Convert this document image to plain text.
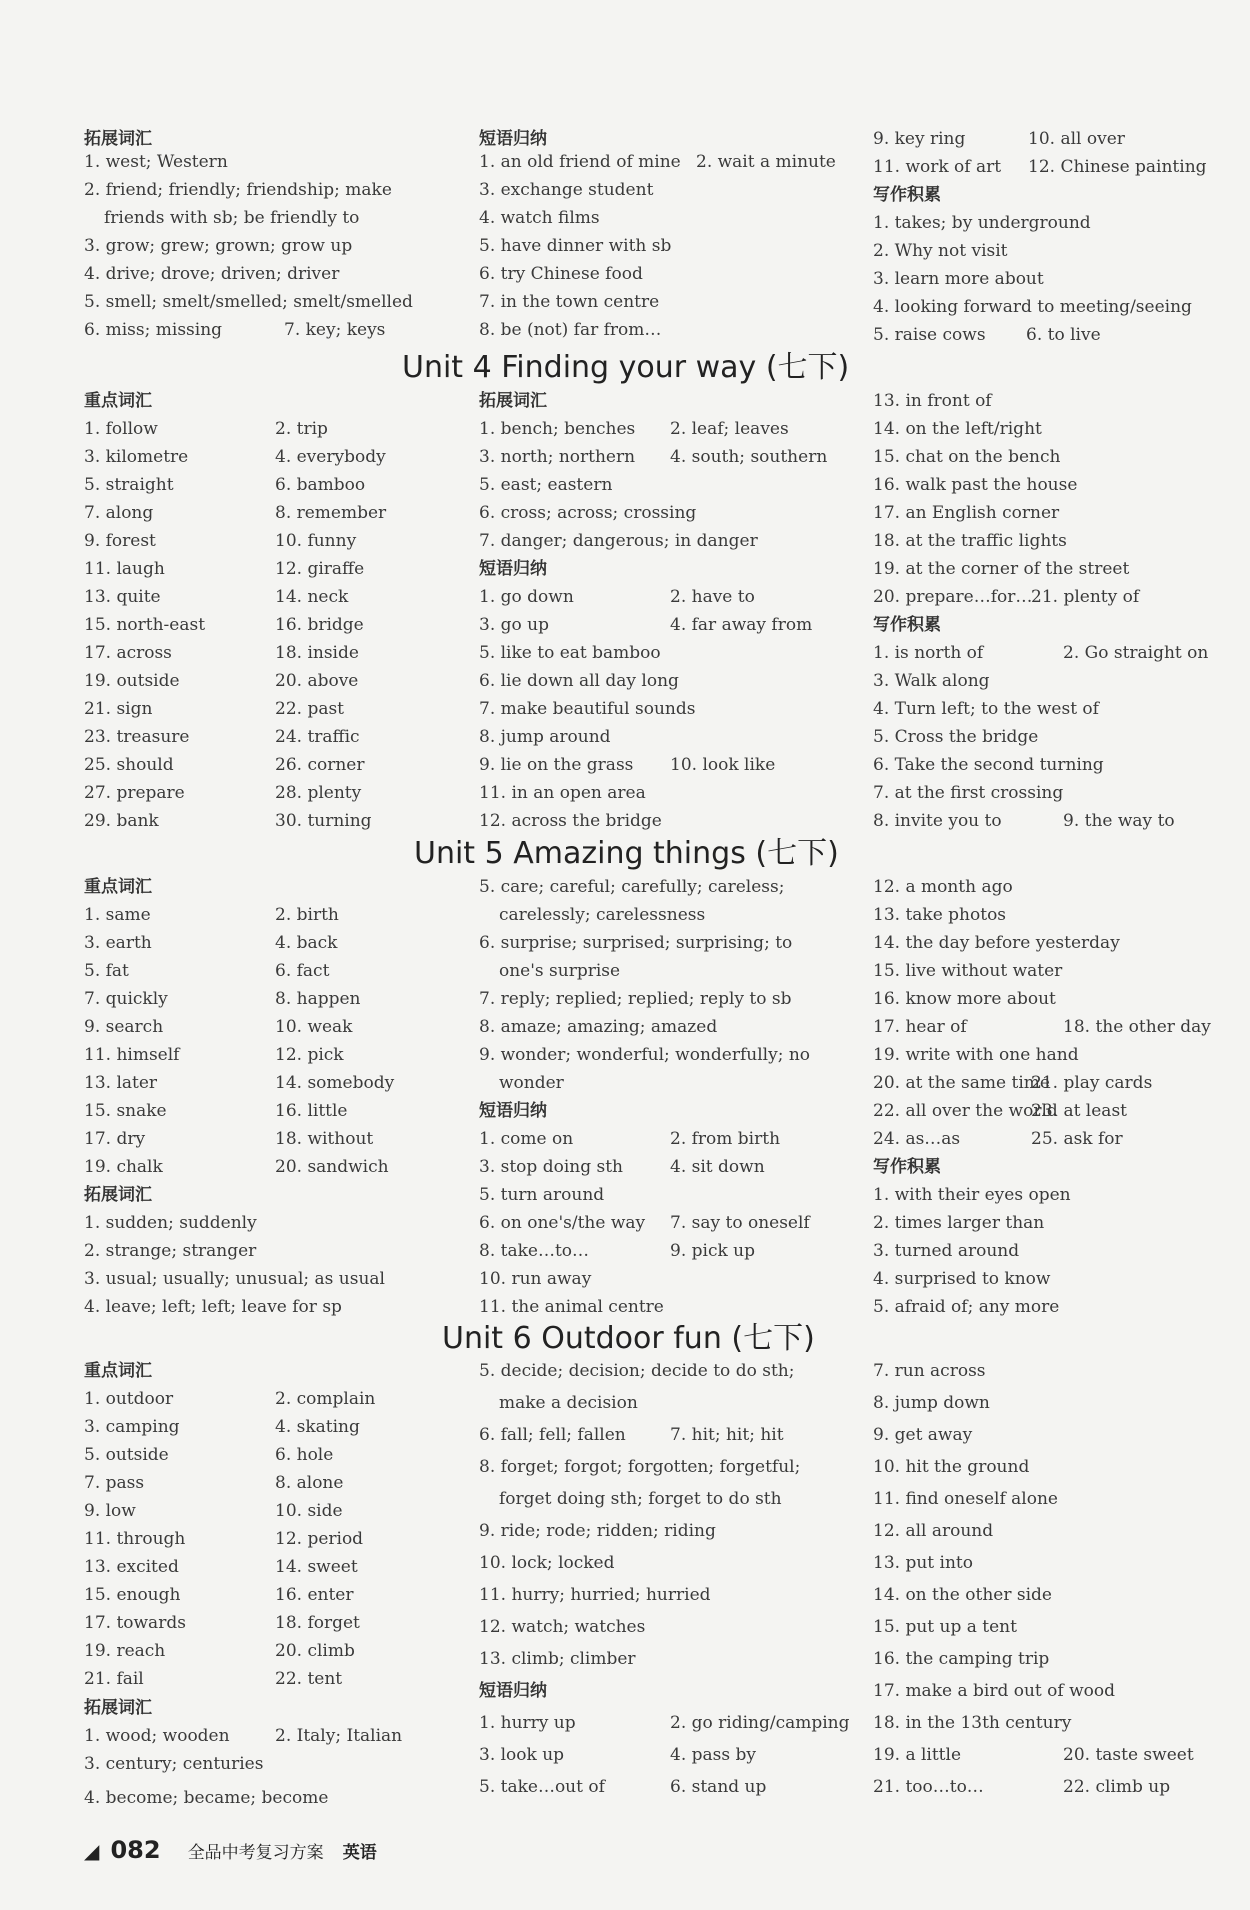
拓展词汇
1. west; Western
2. friend; friendly; friendship; make
friends with sb; be friendly to
3. grow; grew; grown; grow up
4. drive; drove; driven; driver
5. smell; smelt/smelled; smelt/smelled
6. miss; missing	7. key; keys
短语归纳
1. an old friend of mine 2. wait a minute
3. exchange student
4. watch films
5. have dinner with sb
6. try Chinese food
7. in the town centre
8. be (not) far from…
9. key ring	10. all over
11. work of art 12. Chinese painting
写作积累
1. takes; by underground
2. Why not visit
3. learn more about
4. looking forward to meeting/seeing
5. raise cows 6. to live
Unit 4 Finding your way (七下)
重点词汇
1. follow	2. trip
3. kilometre	4. everybody
5. straight	6. bamboo
7. along	8. remember
9. forest	10. funny
11. laugh	12. giraffe
13. quite	14. neck
15. north-east	16. bridge
17. across	18. inside
19. outside	20. above
21. sign	22. past
23. treasure	24. traffic
25. should	26. corner
27. prepare	28. plenty
29. bank	30. turning
拓展词汇
1. bench; benches 2. leaf; leaves
3. north; northern 4. south; southern
5. east; eastern
6. cross; across; crossing
7. danger; dangerous; in danger
短语归纳
1. go down	2. have to
3. go up	4. far away from
5. like to eat bamboo
6. lie down all day long
7. make beautiful sounds
8. jump around
9. lie on the grass 10. look like
11. in an open area
12. across the bridge
13. in front of
14. on the left/right
15. chat on the bench
16. walk past the house
17. an English corner
18. at the traffic lights
19. at the corner of the street
20. prepare…for…
21. plenty of
写作积累
1. is north of	2. Go straight on
3. Walk along
4. Turn left; to the west of
5. Cross the bridge
6. Take the second turning
7. at the first crossing
8. invite you to	9. the way to
Unit 5 Amazing things (七下)
重点词汇
1. same	2. birth
3. earth	4. back
5. fat	6. fact
7. quickly	8. happen
9. search	10. weak
11. himself	12. pick
13. later	14. somebody
15. snake	16. little
17. dry	18. without
19. chalk	20. sandwich
拓展词汇
1. sudden; suddenly
2. strange; stranger
3. usual; usually; unusual; as usual
4. leave; left; left; leave for sp
5. care; careful; carefully; careless;
carelessly; carelessness
6. surprise; surprised; surprising; to
one's surprise
7. reply; replied; replied; reply to sb
8. amaze; amazing; amazed
9. wonder; wonderful; wonderfully; no
wonder
短语归纳
1. come on	2. from birth
3. stop doing sth	4. sit down
5. turn around
6. on one's/the way 7. say to oneself
8. take…to…	9. pick up
10. run away
11. the animal centre
12. a month ago
13. take photos
14. the day before yesterday
15. live without water
16. know more about
17. hear of	18. the other day
19. write with one hand
20. at the same time
21. play cards
22. all over the world
23. at least
24. as…as	25. ask for
写作积累
1. with their eyes open
2. times larger than
3. turned around
4. surprised to know
5. afraid of; any more
Unit 6 Outdoor fun (七下)
重点词汇
1. outdoor	2. complain
3. camping	4. skating
5. outside	6. hole
7. pass	8. alone
9. low	10. side
11. through	12. period
13. excited	14. sweet
15. enough	16. enter
17. towards	18. forget
19. reach	20. climb
21. fail	22. tent
拓展词汇
1. wood; wooden	2. Italy; Italian
3. century; centuries
4. become; became; become
5. decide; decision; decide to do sth;
make a decision
6. fall; fell; fallen	7. hit; hit; hit
8. forget; forgot; forgotten; forgetful;
forget doing sth; forget to do sth
9. ride; rode; ridden; riding
10. lock; locked
11. hurry; hurried; hurried
12. watch; watches
13. climb; climber
短语归纳
1. hurry up	2. go riding/camping
3. look up	4. pass by
5. take…out of	6. stand up
7. run across
8. jump down
9. get away
10. hit the ground
11. find oneself alone
12. all around
13. put into
14. on the other side
15. put up a tent
16. the camping trip
17. make a bird out of wood
18. in the 13th century
19. a little	20. taste sweet
21. too…to…	22. climb up
◢ 082 全品中考复习方案 英语
